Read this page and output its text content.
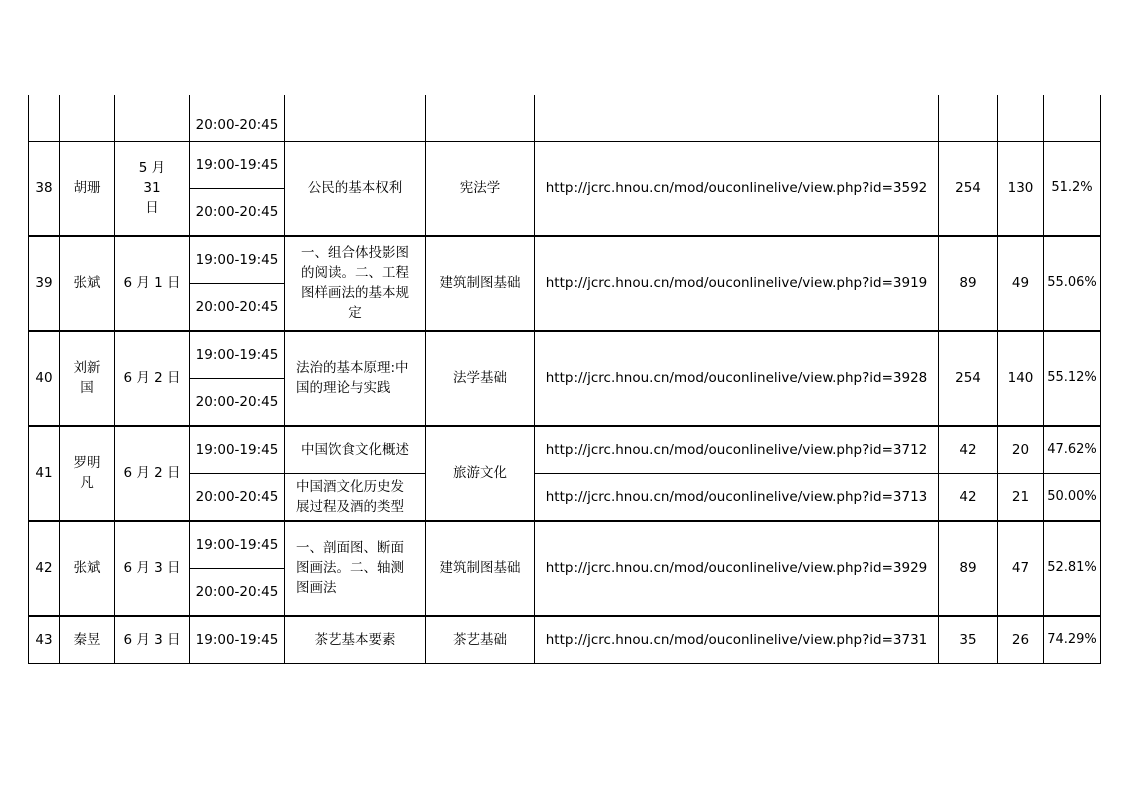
			20:00-20:45						
38	胡珊	5 月 31 日	19:00-19:45	公民的基本权利	宪法学	http://jcrc.hnou.cn/mod/ouconlinelive/view.php?id=3592	254	130	51.2%
			20:00-20:45						
39	张斌	6 月 1 日	19:00-19:45	一、组合体投影图的阅读。二、工程图样画法的基本规定	建筑制图基础	http://jcrc.hnou.cn/mod/ouconlinelive/view.php?id=3919	89	49	55.06%
			20:00-20:45						
40	刘新国	6 月 2 日	19:00-19:45	法治的基本原理:中国的理论与实践	法学基础	http://jcrc.hnou.cn/mod/ouconlinelive/view.php?id=3928	254	140	55.12%
			20:00-20:45						
41	罗明凡	6 月 2 日	19:00-19:45	中国饮食文化概述	旅游文化	http://jcrc.hnou.cn/mod/ouconlinelive/view.php?id=3712	42	20	47.62%
			20:00-20:45	中国酒文化历史发展过程及酒的类型		http://jcrc.hnou.cn/mod/ouconlinelive/view.php?id=3713	42	21	50.00%
42	张斌	6 月 3 日	19:00-19:45	一、剖面图、断面图画法。二、轴测图画法	建筑制图基础	http://jcrc.hnou.cn/mod/ouconlinelive/view.php?id=3929	89	47	52.81%
			20:00-20:45						
43	秦昱	6 月 3 日	19:00-19:45	茶艺基本要素	茶艺基础	http://jcrc.hnou.cn/mod/ouconlinelive/view.php?id=3731	35	26	74.29%
